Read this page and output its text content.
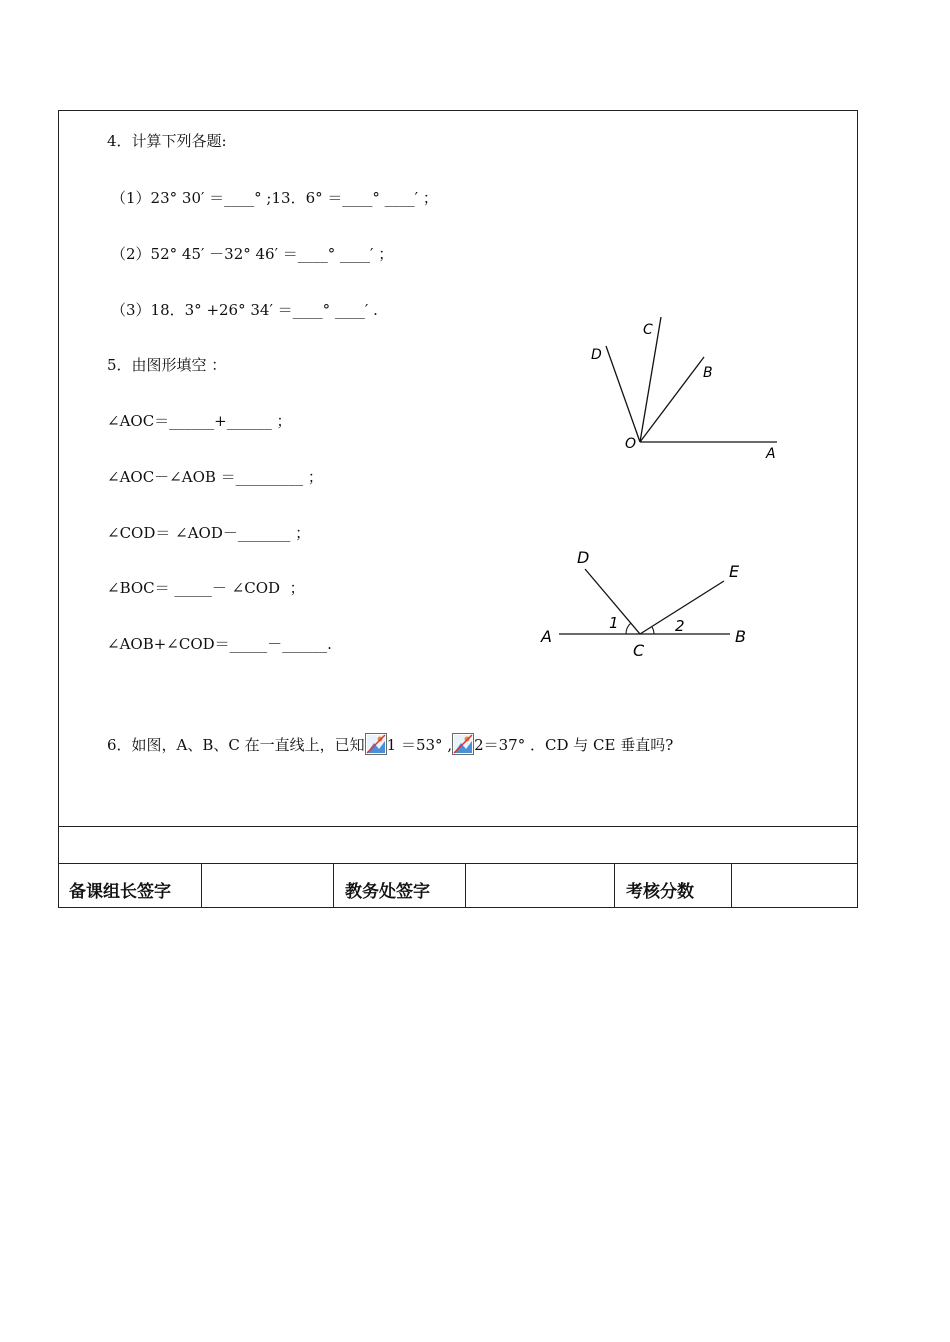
4．计算下列各题:
（1）23° 30′ ＝____° ;13．6° ＝____° ____′ ；
（2）52° 45′ －32° 46′ ＝____° ____′ ；
（3）18．3° +26° 34′ ＝____° ____′ .
5．由图形填空 ：
∠AOC＝______+______ ；
∠AOC－∠AOB ＝_________ ；
∠COD＝ ∠AOD－_______ ；
∠BOC＝ _____－ ∠COD  ；
∠AOB+∠COD＝_____－______.
6．如图，A、B、C 在一直线上，已知 1 ＝53° , 2＝37° ．CD 与 CE 垂直吗?
O
A
B
C
D
A	B
C
D
E
1	2
备课组长签字	教务处签字	考核分数
